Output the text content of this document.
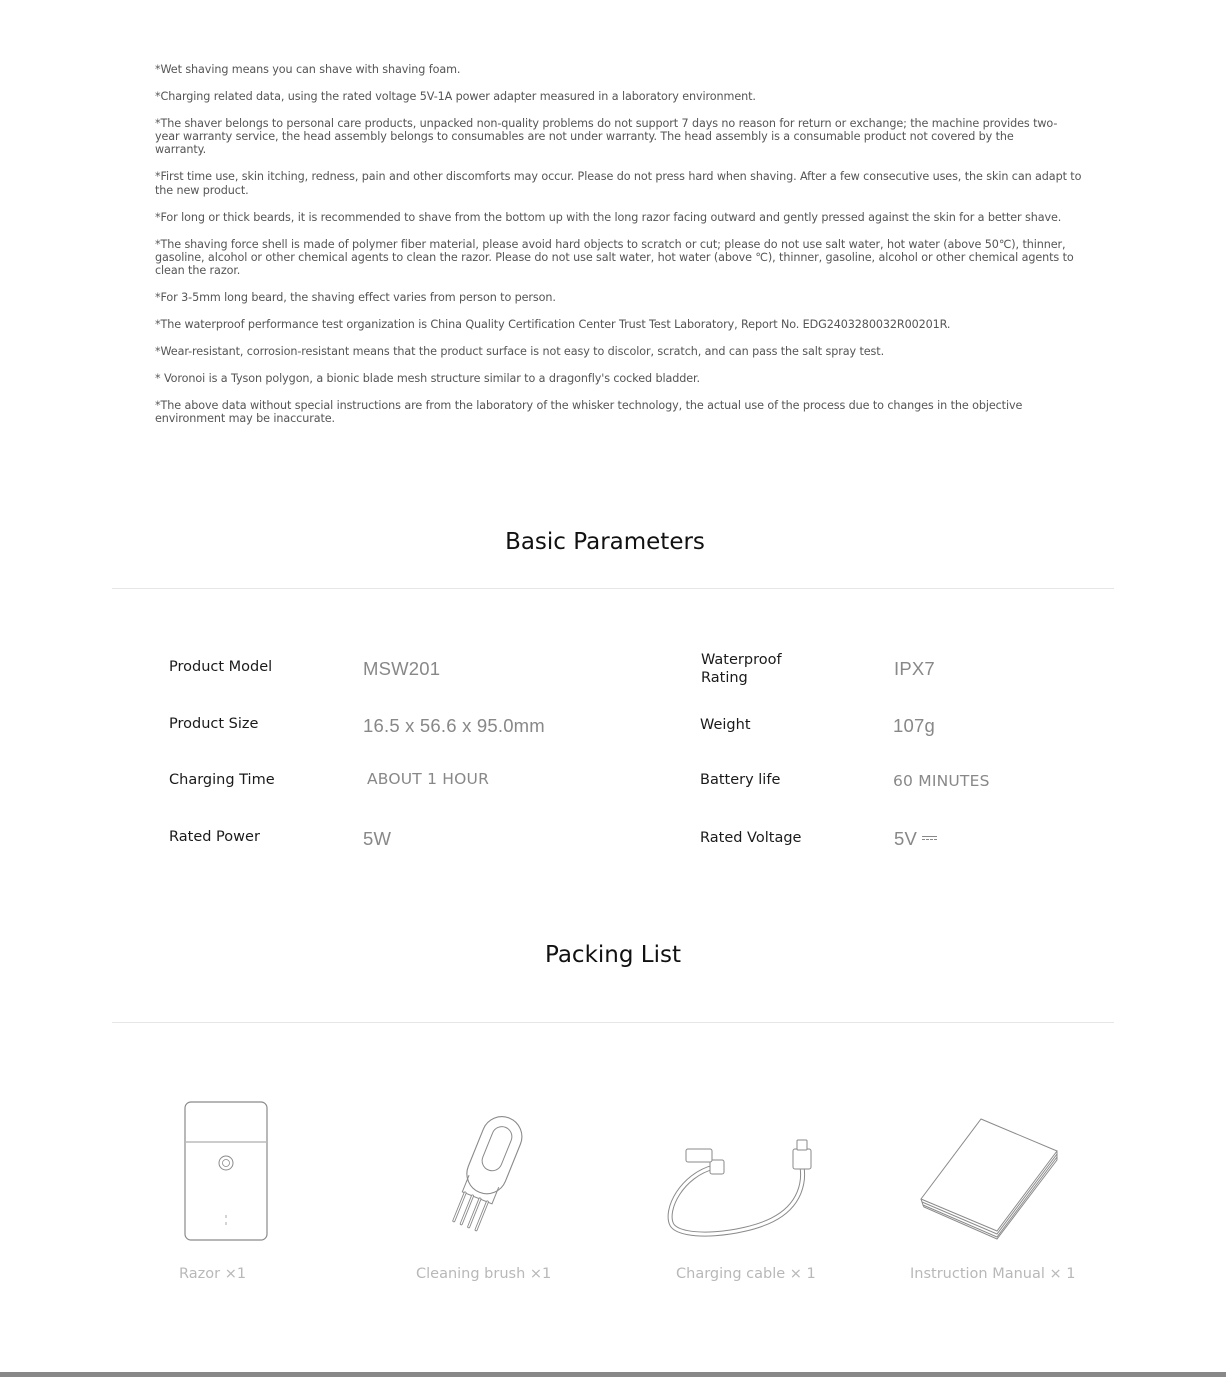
*Wet shaving means you can shave with shaving foam.

*Charging related data, using the rated voltage 5V-1A power adapter measured in a laboratory environment.

*The shaver belongs to personal care products, unpacked non-quality problems do not support 7 days no reason for return or exchange; the machine provides two-year warranty service, the head assembly belongs to consumables are not under warranty. The head assembly is a consumable product not covered by the warranty.

*First time use, skin itching, redness, pain and other discomforts may occur. Please do not press hard when shaving. After a few consecutive uses, the skin can adapt to the new product.

*For long or thick beards, it is recommended to shave from the bottom up with the long razor facing outward and gently pressed against the skin for a better shave.

*The shaving force shell is made of polymer fiber material, please avoid hard objects to scratch or cut; please do not use salt water, hot water (above 50℃), thinner, gasoline, alcohol or other chemical agents to clean the razor. Please do not use salt water, hot water (above ℃), thinner, gasoline, alcohol or other chemical agents to clean the razor.

*For 3-5mm long beard, the shaving effect varies from person to person.

*The waterproof performance test organization is China Quality Certification Center Trust Test Laboratory, Report No. EDG2403280032R00201R.

*Wear-resistant, corrosion-resistant means that the product surface is not easy to discolor, scratch, and can pass the salt spray test.

* Voronoi is a Tyson polygon, a bionic blade mesh structure similar to a dragonfly's cocked bladder.

*The above data without special instructions are from the laboratory of the whisker technology, the actual use of the process due to changes in the objective environment may be inaccurate.

Basic Parameters
Product Model	MSW201	Waterproof Rating	IPX7
Product Size	16.5 x 56.6 x 95.0mm	Weight	107g
Charging Time	ABOUT 1 HOUR	Battery life	60 MINUTES
Rated Power	5W	Rated Voltage	5V
Packing List
Razor ×1	Cleaning brush ×1	Charging cable × 1	Instruction Manual × 1
